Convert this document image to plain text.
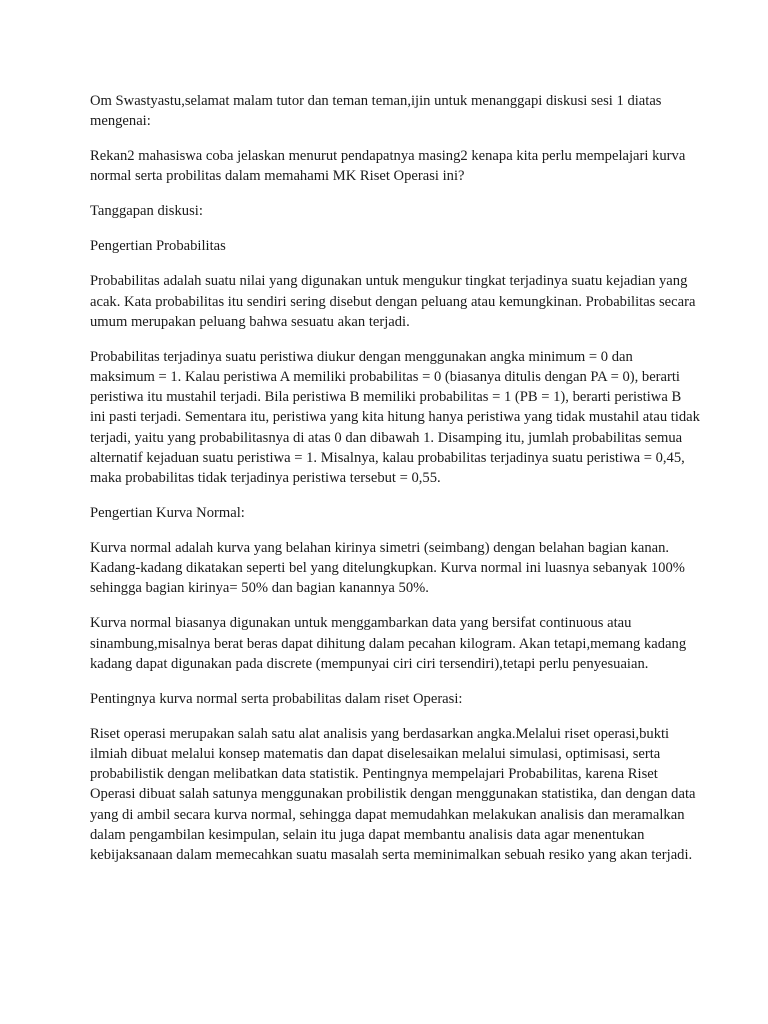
Om Swastyastu,selamat malam tutor dan teman teman,ijin untuk menanggapi diskusi sesi 1 diatas mengenai:

Rekan2 mahasiswa coba jelaskan menurut pendapatnya masing2 kenapa kita perlu mempelajari kurva normal serta probilitas dalam memahami MK Riset Operasi ini?

Tanggapan diskusi:

Pengertian Probabilitas

Probabilitas adalah suatu nilai yang digunakan untuk mengukur tingkat terjadinya suatu kejadian yang acak. Kata probabilitas itu sendiri sering disebut dengan peluang atau kemungkinan. Probabilitas secara umum merupakan peluang bahwa sesuatu akan terjadi.

Probabilitas terjadinya suatu peristiwa diukur dengan menggunakan angka minimum = 0 dan maksimum = 1. Kalau peristiwa A memiliki probabilitas = 0 (biasanya ditulis dengan PA = 0), berarti peristiwa itu mustahil terjadi. Bila peristiwa B memiliki probabilitas = 1 (PB = 1), berarti peristiwa B ini pasti terjadi. Sementara itu, peristiwa yang kita hitung hanya peristiwa yang tidak mustahil atau tidak terjadi, yaitu yang probabilitasnya di atas 0 dan dibawah 1. Disamping itu, jumlah probabilitas semua alternatif kejaduan suatu peristiwa = 1. Misalnya, kalau probabilitas terjadinya suatu peristiwa = 0,45, maka probabilitas tidak terjadinya peristiwa tersebut = 0,55.

Pengertian Kurva Normal:

Kurva normal adalah kurva yang belahan kirinya simetri (seimbang) dengan belahan bagian kanan. Kadang-kadang dikatakan seperti bel yang ditelungkupkan. Kurva normal ini luasnya sebanyak 100% sehingga bagian kirinya= 50% dan bagian kanannya 50%.

Kurva normal biasanya digunakan untuk menggambarkan data yang bersifat continuous atau sinambung,misalnya berat beras dapat dihitung dalam pecahan kilogram. Akan tetapi,memang kadang kadang dapat digunakan pada discrete (mempunyai ciri ciri tersendiri),tetapi perlu penyesuaian.

Pentingnya kurva normal serta probabilitas dalam riset Operasi:

Riset operasi merupakan salah satu alat analisis yang berdasarkan angka.Melalui riset operasi,bukti ilmiah dibuat melalui konsep matematis dan dapat diselesaikan melalui simulasi, optimisasi, serta probabilistik dengan melibatkan data statistik. Pentingnya mempelajari Probabilitas, karena Riset Operasi dibuat salah satunya menggunakan probilistik dengan menggunakan statistika, dan dengan data yang di ambil secara kurva normal, sehingga dapat memudahkan melakukan analisis dan meramalkan dalam pengambilan kesimpulan, selain itu juga dapat membantu analisis data agar menentukan kebijaksanaan dalam memecahkan suatu masalah serta meminimalkan sebuah resiko yang akan terjadi.
